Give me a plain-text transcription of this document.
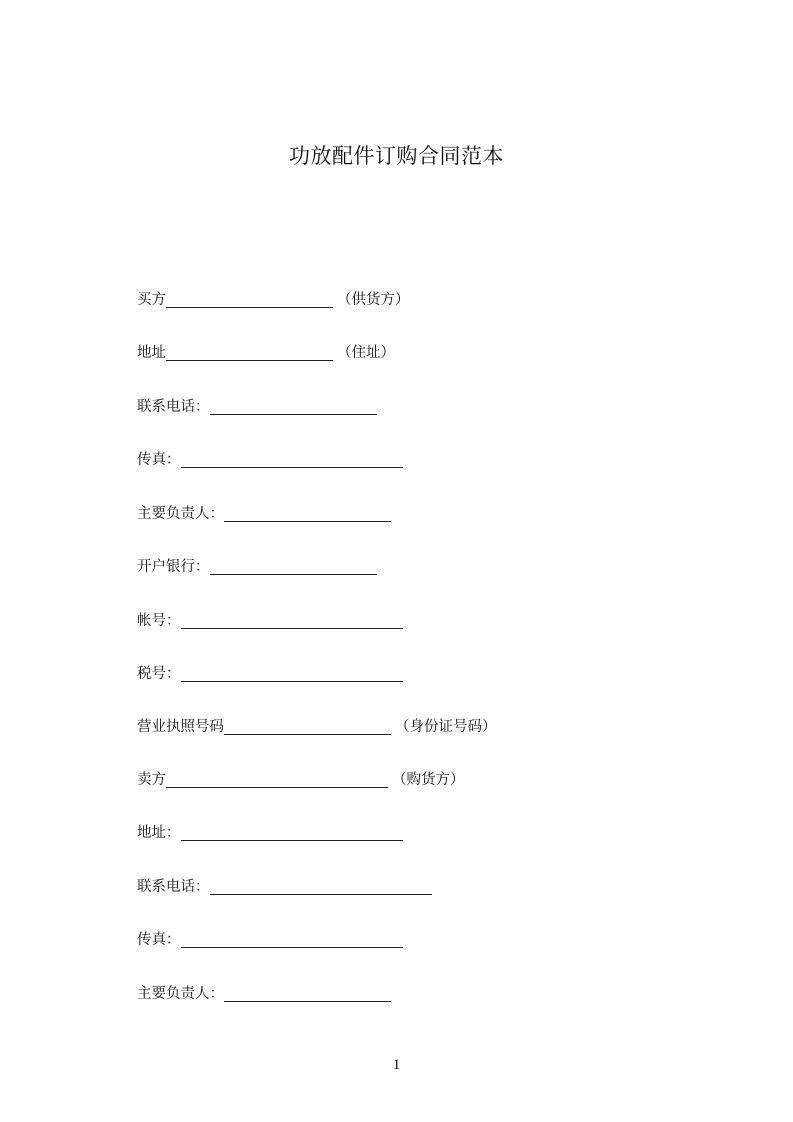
功放配件订购合同范本
买方	（供货方）
地址	（住址）
联系电话：
传真：
主要负责人：
开户银行：
帐号：
税号：
营业执照号码	（身份证号码）
卖方	（购货方）
地址：
联系电话：
传真：
主要负责人：
1
